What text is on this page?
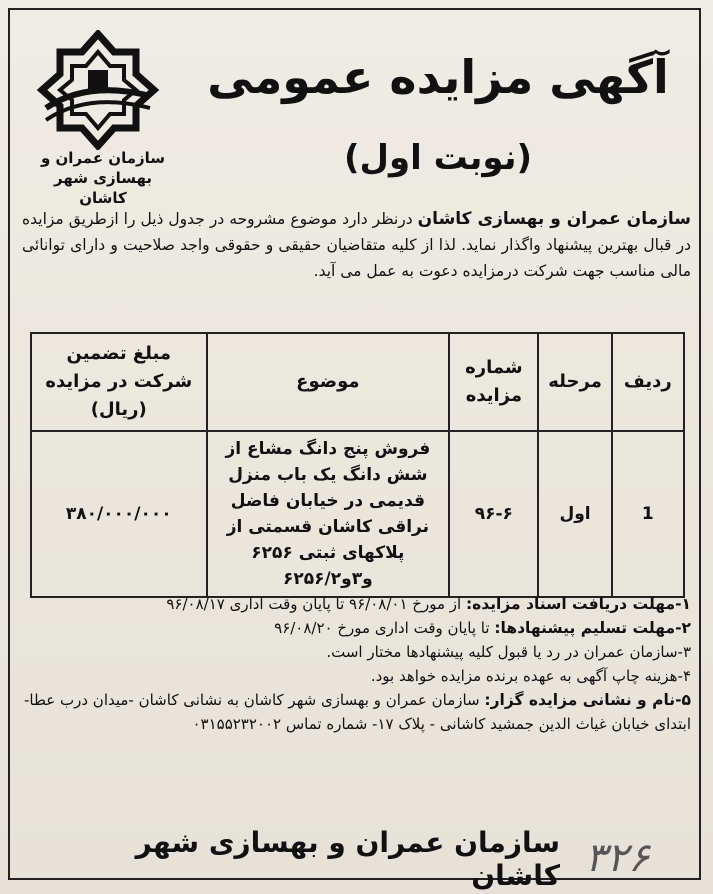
سازمان عمران و بهسازی شهر کاشان
آگهی مزایده عمومی
(نوبت اول)
سازمان عمران و بهسازی کاشان درنظر دارد موضوع مشروحه در جدول ذیل را ازطریق مزایده در قبال بهترین پیشنهاد واگذار نماید. لذا از کلیه متقاضیان حقیقی و حقوقی واجد صلاحیت و دارای توانائی مالی مناسب جهت شرکت درمزایده دعوت به عمل می آید.
ردیف	مرحله	شماره مزایده	موضوع	مبلغ تضمین شرکت در مزایده (ریال)
1	اول	۹۶-۶	فروش پنج دانگ مشاع از شش دانگ یک باب منزل قدیمی در خیابان فاضل نراقی کاشان قسمتی از پلاکهای ثبتی ۶۲۵۶ و۳و۶۲۵۶/۲	۳۸۰/۰۰۰/۰۰۰

۱-مهلت دریافت اسناد مزایده: از مورخ ۹۶/۰۸/۰۱ تا پایان وقت اداری ۹۶/۰۸/۱۷

۲-مهلت تسلیم پیشنهادها: تا پایان وقت اداری مورخ ۹۶/۰۸/۲۰

۳-سازمان عمران در رد یا قبول کلیه پیشنهادها مختار است.

۴-هزینه چاپ آگهی به عهده برنده مزایده خواهد بود.

۵-نام و نشانی مزایده گزار: سازمان عمران و بهسازی شهر کاشان به نشانی کاشان -میدان درب عطا- ابتدای خیابان غیاث الدین جمشید کاشانی - پلاک ۱۷- شماره تماس ۰۳۱۵۵۲۳۲۰۰۲

سازمان عمران و بهسازی شهر کاشان ۳۲۶
